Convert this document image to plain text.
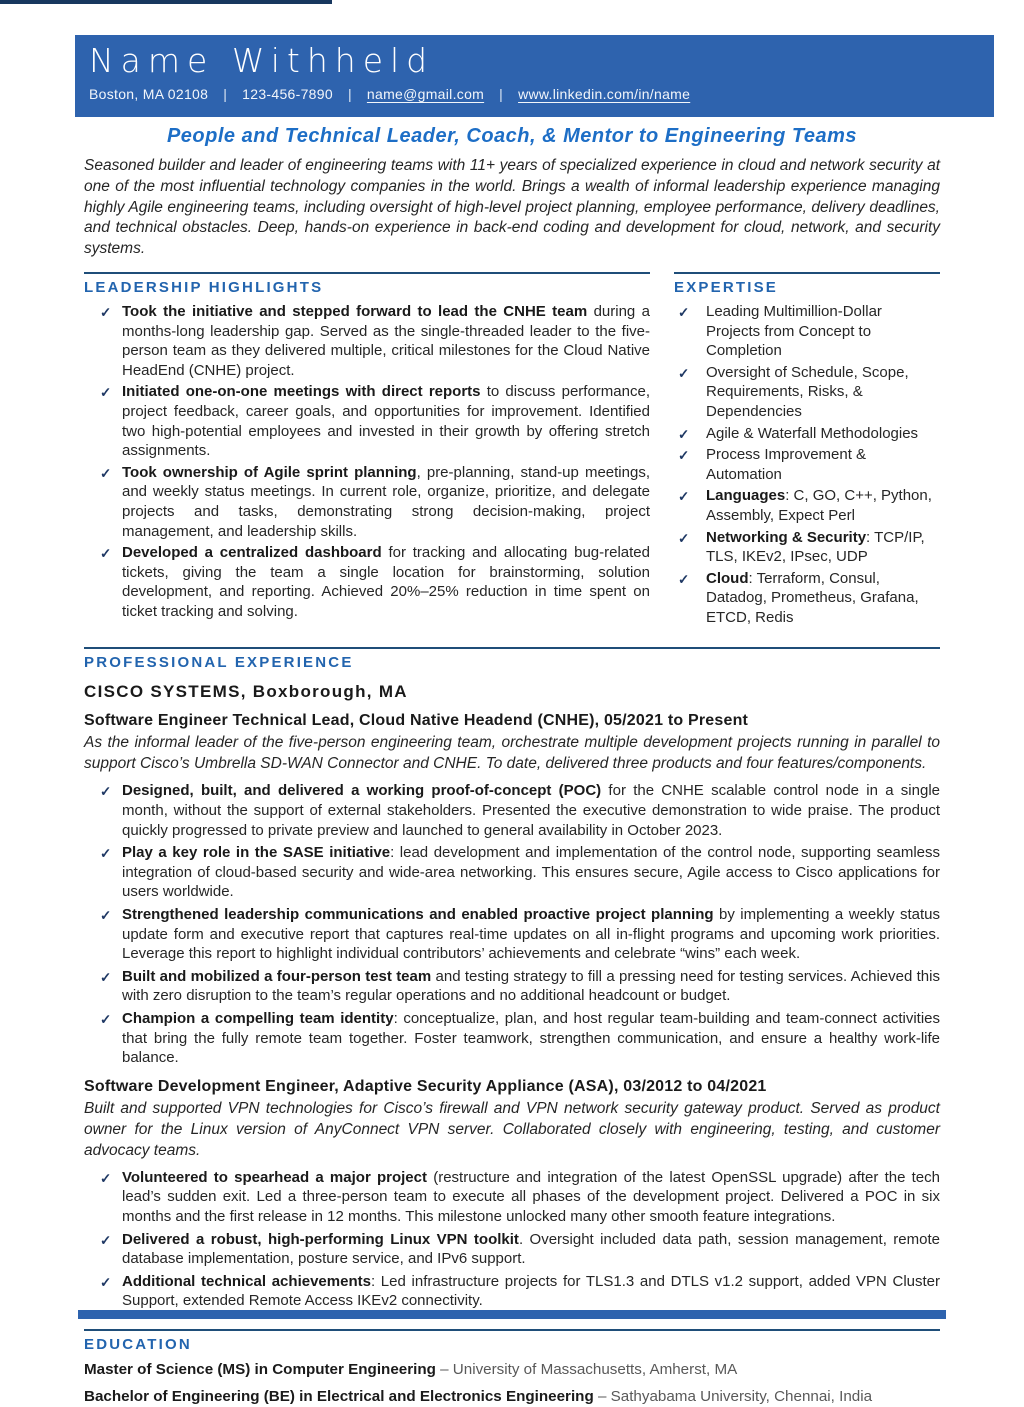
Name Withheld
Boston, MA 02108 | 123-456-7890 | name@gmail.com | www.linkedin.com/in/name
People and Technical Leader, Coach, & Mentor to Engineering Teams

Seasoned builder and leader of engineering teams with 11+ years of specialized experience in cloud and network security at one of the most influential technology companies in the world. Brings a wealth of informal leadership experience managing highly Agile engineering teams, including oversight of high-level project planning, employee performance, delivery deadlines, and technical obstacles. Deep, hands-on experience in back-end coding and development for cloud, network, and security systems.

LEADERSHIP HIGHLIGHTS
✓ Took the initiative and stepped forward to lead the CNHE team during a months-long leadership gap. Served as the single-threaded leader to the five-person team as they delivered multiple, critical milestones for the Cloud Native HeadEnd (CNHE) project.
✓ Initiated one-on-one meetings with direct reports to discuss performance, project feedback, career goals, and opportunities for improvement. Identified two high-potential employees and invested in their growth by offering stretch assignments.
✓ Took ownership of Agile sprint planning, pre-planning, stand-up meetings, and weekly status meetings. In current role, organize, prioritize, and delegate projects and tasks, demonstrating strong decision-making, project management, and leadership skills.
✓ Developed a centralized dashboard for tracking and allocating bug-related tickets, giving the team a single location for brainstorming, solution development, and reporting. Achieved 20%–25% reduction in time spent on ticket tracking and solving.
EXPERTISE
✓ Leading Multimillion-Dollar Projects from Concept to Completion
✓ Oversight of Schedule, Scope, Requirements, Risks, & Dependencies
✓ Agile & Waterfall Methodologies
✓ Process Improvement & Automation
✓ Languages: C, GO, C++, Python, Assembly, Expect Perl
✓ Networking & Security: TCP/IP, TLS, IKEv2, IPsec, UDP
✓ Cloud: Terraform, Consul, Datadog, Prometheus, Grafana, ETCD, Redis
PROFESSIONAL EXPERIENCE
CISCO SYSTEMS, Boxborough, MA
Software Engineer Technical Lead, Cloud Native Headend (CNHE), 05/2021 to Present

As the informal leader of the five-person engineering team, orchestrate multiple development projects running in parallel to support Cisco’s Umbrella SD-WAN Connector and CNHE. To date, delivered three products and four features/components.

✓ Designed, built, and delivered a working proof-of-concept (POC) for the CNHE scalable control node in a single month, without the support of external stakeholders. Presented the executive demonstration to wide praise. The product quickly progressed to private preview and launched to general availability in October 2023.
✓ Play a key role in the SASE initiative: lead development and implementation of the control node, supporting seamless integration of cloud-based security and wide-area networking. This ensures secure, Agile access to Cisco applications for users worldwide.
✓ Strengthened leadership communications and enabled proactive project planning by implementing a weekly status update form and executive report that captures real-time updates on all in-flight programs and upcoming work priorities. Leverage this report to highlight individual contributors’ achievements and celebrate “wins” each week.
✓ Built and mobilized a four-person test team and testing strategy to fill a pressing need for testing services. Achieved this with zero disruption to the team’s regular operations and no additional headcount or budget.
✓ Champion a compelling team identity: conceptualize, plan, and host regular team-building and team-connect activities that bring the fully remote team together. Foster teamwork, strengthen communication, and ensure a healthy work-life balance.
Software Development Engineer, Adaptive Security Appliance (ASA), 03/2012 to 04/2021

Built and supported VPN technologies for Cisco’s firewall and VPN network security gateway product. Served as product owner for the Linux version of AnyConnect VPN server. Collaborated closely with engineering, testing, and customer advocacy teams.

✓ Volunteered to spearhead a major project (restructure and integration of the latest OpenSSL upgrade) after the tech lead’s sudden exit. Led a three-person team to execute all phases of the development project. Delivered a POC in six months and the first release in 12 months. This milestone unlocked many other smooth feature integrations.
✓ Delivered a robust, high-performing Linux VPN toolkit. Oversight included data path, session management, remote database implementation, posture service, and IPv6 support.
✓ Additional technical achievements: Led infrastructure projects for TLS1.3 and DTLS v1.2 support, added VPN Cluster Support, extended Remote Access IKEv2 connectivity.
EDUCATION
Master of Science (MS) in Computer Engineering – University of Massachusetts, Amherst, MA
Bachelor of Engineering (BE) in Electrical and Electronics Engineering – Sathyabama University, Chennai, India
